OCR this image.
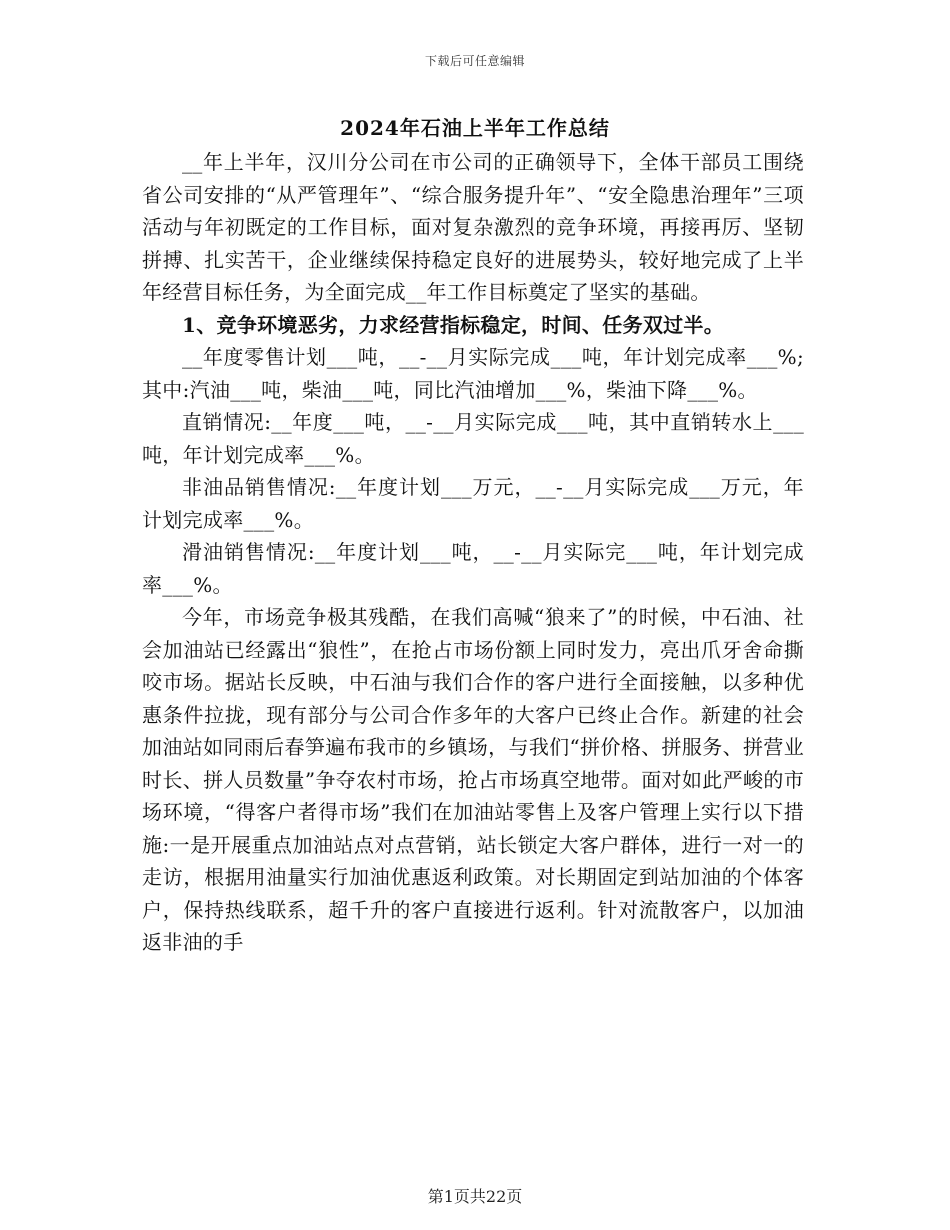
下载后可任意编辑
2024年石油上半年工作总结

__年上半年，汉川分公司在市公司的正确领导下，全体干部员工围绕省公司安排的“从严管理年”、“综合服务提升年”、“安全隐患治理年”三项活动与年初既定的工作目标，面对复杂激烈的竞争环境，再接再厉、坚韧拼搏、扎实苦干，企业继续保持稳定良好的进展势头，较好地完成了上半年经营目标任务，为全面完成__年工作目标奠定了坚实的基础。

1、竞争环境恶劣，力求经营指标稳定，时间、任务双过半。

__年度零售计划___吨，__-__月实际完成___吨，年计划完成率___%;其中:汽油___吨，柴油___吨，同比汽油增加___%，柴油下降___%。

直销情况:__年度___吨，__-__月实际完成___吨，其中直销转水上___吨，年计划完成率___%。

非油品销售情况:__年度计划___万元，__-__月实际完成___万元，年计划完成率___%。

滑油销售情况:__年度计划___吨，__-__月实际完___吨，年计划完成率___%。

今年，市场竞争极其残酷，在我们高喊“狼来了”的时候，中石油、社会加油站已经露出“狼性”，在抢占市场份额上同时发力，亮出爪牙舍命撕咬市场。据站长反映，中石油与我们合作的客户进行全面接触，以多种优惠条件拉拢，现有部分与公司合作多年的大客户已终止合作。新建的社会加油站如同雨后春笋遍布我市的乡镇场，与我们“拼价格、拼服务、拼营业时长、拼人员数量”争夺农村市场，抢占市场真空地带。面对如此严峻的市场环境，“得客户者得市场”我们在加油站零售上及客户管理上实行以下措施:一是开展重点加油站点对点营销，站长锁定大客户群体，进行一对一的走访，根据用油量实行加油优惠返利政策。对长期固定到站加油的个体客户，保持热线联系，超千升的客户直接进行返利。针对流散客户，以加油返非油的手

第1页共22页
